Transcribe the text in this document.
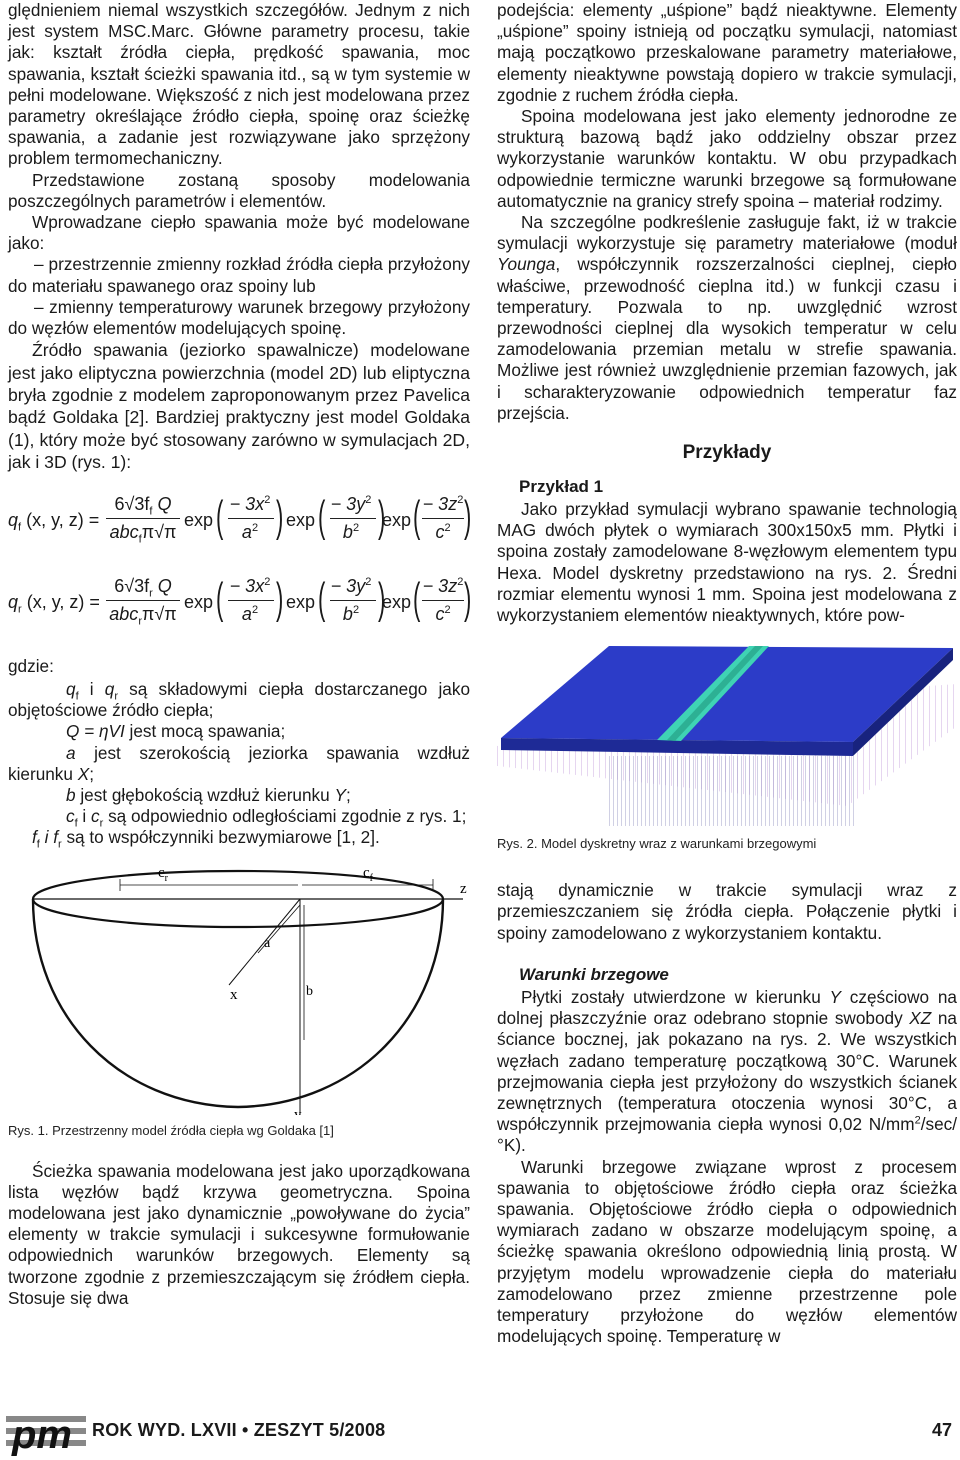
ględnieniem niemal wszystkich szczegółów. Jednym z nich jest system MSC.Marc. Główne parametry procesu, takie jak: kształt źródła ciepła, prędkość spawania, moc spawania, kształt ścieżki spawania itd., są w tym systemie w pełni modelowane. Większość z nich jest modelowana przez parametry określające źródło ciepła, spoinę oraz ścieżkę spawania, a zadanie jest rozwiązywane jako sprzężony problem termomechaniczny.

Przedstawione zostaną sposoby modelowania poszczególnych parametrów i elementów.

Wprowadzane ciepło spawania może być modelowane jako:

– przestrzennie zmienny rozkład źródła ciepła przyłożony do materiału spawanego oraz spoiny lub

– zmienny temperaturowy warunek brzegowy przyłożony do węzłów elementów modelujących spoinę.

Źródło spawania (jeziorko spawalnicze) modelowane jest jako eliptyczna powierzchnia (model 2D) lub eliptyczna bryła zgodnie z modelem zaproponowanym przez Pavelica bądź Goldaka [2]. Bardziej praktyczny jest model Goldaka (1), który może być stosowany zarówno w symulacjach 2D, jak i 3D (rys. 1):

$q_f$ (x, y, z) =
$6√3f_f$ Q
abc$_f$π√π
exp ( − $3x^2$
$a^2$ ) exp ( − $3y^2$
$b^2$ )
exp ( − $3z^2$
$c^2$ )
$q_r$ (x, y, z) =
$6√3f_r$ Q
abc$_r$π√π
exp ( − $3x^2$
$a^2$ ) exp ( − $3y^2$
$b^2$ )
exp ( − $3z^2$
$c^2$ )

gdzie:

$q_f$ i $q_r$ są składowymi ciepła dostarczanego jako objętościowe źródło ciepła;

Q = ηVI jest mocą spawania;

a jest szerokością jeziorka spawania wzdłuż kierunku X;

b jest głębokością wzdłuż kierunku Y;

$c_f$ i $c_r$ są odpowiednio odległościami zgodnie z rys. 1;

$f_f$ i $f_r$ są to współczynniki bezwymiarowe [1, 2].

$c_r$	$c_f$
z
a
x	b
y

Rys. 1. Przestrzenny model źródła ciepła wg Goldaka [1]

Ścieżka spawania modelowana jest jako uporządkowana lista węzłów bądź krzywa geometryczna. Spoina modelowana jest jako dynamicznie „powoływane do życia” elementy w trakcie symulacji i sukcesywne formułowanie odpowiednich warunków brzegowych. Elementy są tworzone zgodnie z przemieszczającym się źródłem ciepła. Stosuje się dwa

podejścia: elementy „uśpione” bądź nieaktywne. Elementy „uśpione” spoiny istnieją od początku symulacji, natomiast mają początkowo przeskalowane parametry materiałowe, elementy nieaktywne powstają dopiero w trakcie symulacji, zgodnie z ruchem źródła ciepła.

Spoina modelowana jest jako elementy jednorodne ze strukturą bazową bądź jako oddzielny obszar przez wykorzystanie warunków kontaktu. W obu przypadkach odpowiednie termiczne warunki brzegowe są formułowane automatycznie na granicy strefy spoina – materiał rodzimy.

Na szczególne podkreślenie zasługuje fakt, iż w trakcie symulacji wykorzystuje się parametry materiałowe (moduł Younga, współczynnik rozszerzalności cieplnej, ciepło właściwe, przewodność cieplna itd.) w funkcji czasu i temperatury. Pozwala to np. uwzględnić wzrost przewodności cieplnej dla wysokich temperatur w celu zamodelowania przemian metalu w strefie spawania. Możliwe jest również uwzględnienie przemian fazowych, jak i scharakteryzowanie odpowiednich temperatur faz przejścia.

Przykłady
Przykład 1

Jako przykład symulacji wybrano spawanie technologią MAG dwóch płytek o wymiarach 300x150x5 mm. Płytki i spoina zostały zamodelowane 8-węzłowym elementem typu Hexa. Model dyskretny przedstawiono na rys. 2. Średni rozmiar elementu wynosi 1 mm. Spoina jest modelowana z wykorzystaniem elementów nieaktywnych, które pow-

Rys. 2. Model dyskretny wraz z warunkami brzegowymi

stają dynamicznie w trakcie symulacji wraz z przemieszczaniem się źródła ciepła. Połączenie płytki i spoiny zamodelowano z wykorzystaniem kontaktu.

Warunki brzegowe

Płytki zostały utwierdzone w kierunku Y częściowo na dolnej płaszczyźnie oraz odebrano stopnie swobody XZ na ściance bocznej, jak pokazano na rys. 2. We wszystkich węzłach zadano temperaturę początkową 30°C. Warunek przejmowania ciepła jest przyłożony do wszystkich ścianek zewnętrznych (temperatura otoczenia wynosi 30°C, a współczynnik przejmowania ciepła wynosi 0,02 $N/mm^2/\sec/^\circ K$).

Warunki brzegowe związane wprost z procesem spawania to objętościowe źródło ciepła oraz ścieżka spawania. Objętościowe źródło ciepła o odpowiednich wymiarach zadano w obszarze modelującym spoinę, a ścieżkę spawania określono odpowiednią linią prostą. W przyjętym modelu wprowadzenie ciepła do materiału zamodelowano przez zmienne przestrzenne pole temperatury przyłożone do węzłów elementów modelujących spoinę. Temperaturę w

pm ROK WYD. LXVII • ZESZYT 5/2008	47
